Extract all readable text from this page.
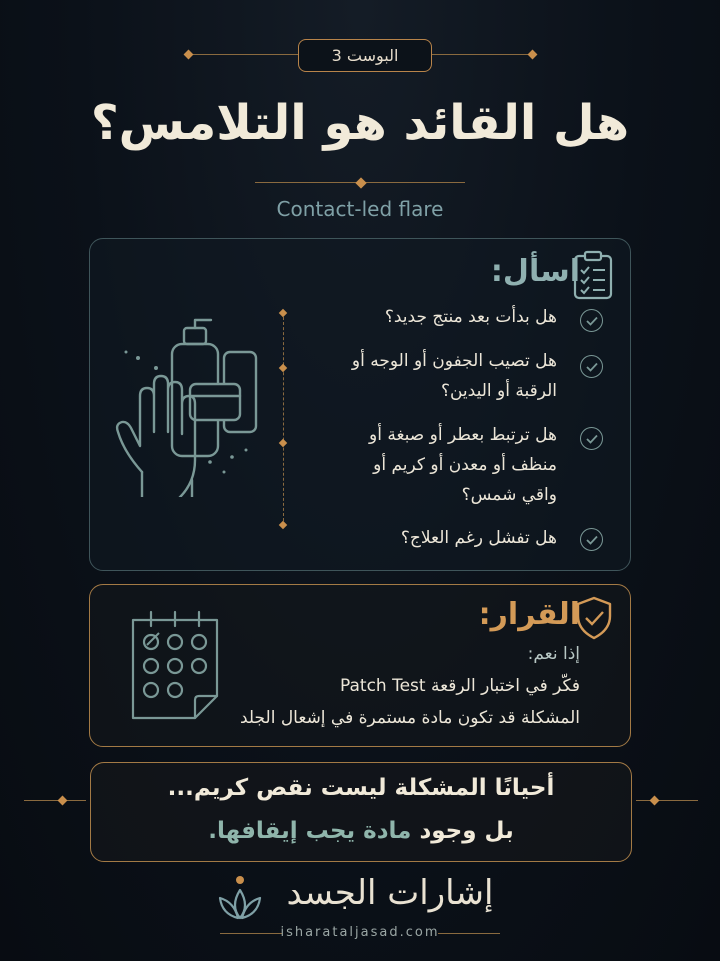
البوست 3
هل القائد هو التلامس؟
Contact-led flare
اسأل:
هل بدأت بعد منتج جديد؟
هل تصيب الجفون أو الوجه أو
الرقبة أو اليدين؟
هل ترتبط بعطر أو صبغة أو
منظف أو معدن أو كريم أو
واقي شمس؟
هل تفشل رغم العلاج؟
القرار:
إذا نعم:
فكّر في اختبار الرقعة Patch Test
المشكلة قد تكون مادة مستمرة في إشعال الجلد
أحيانًا المشكلة ليست نقص كريم...
بل وجود مادة يجب إيقافها.
إشارات الجسد
isharataljasad.com
